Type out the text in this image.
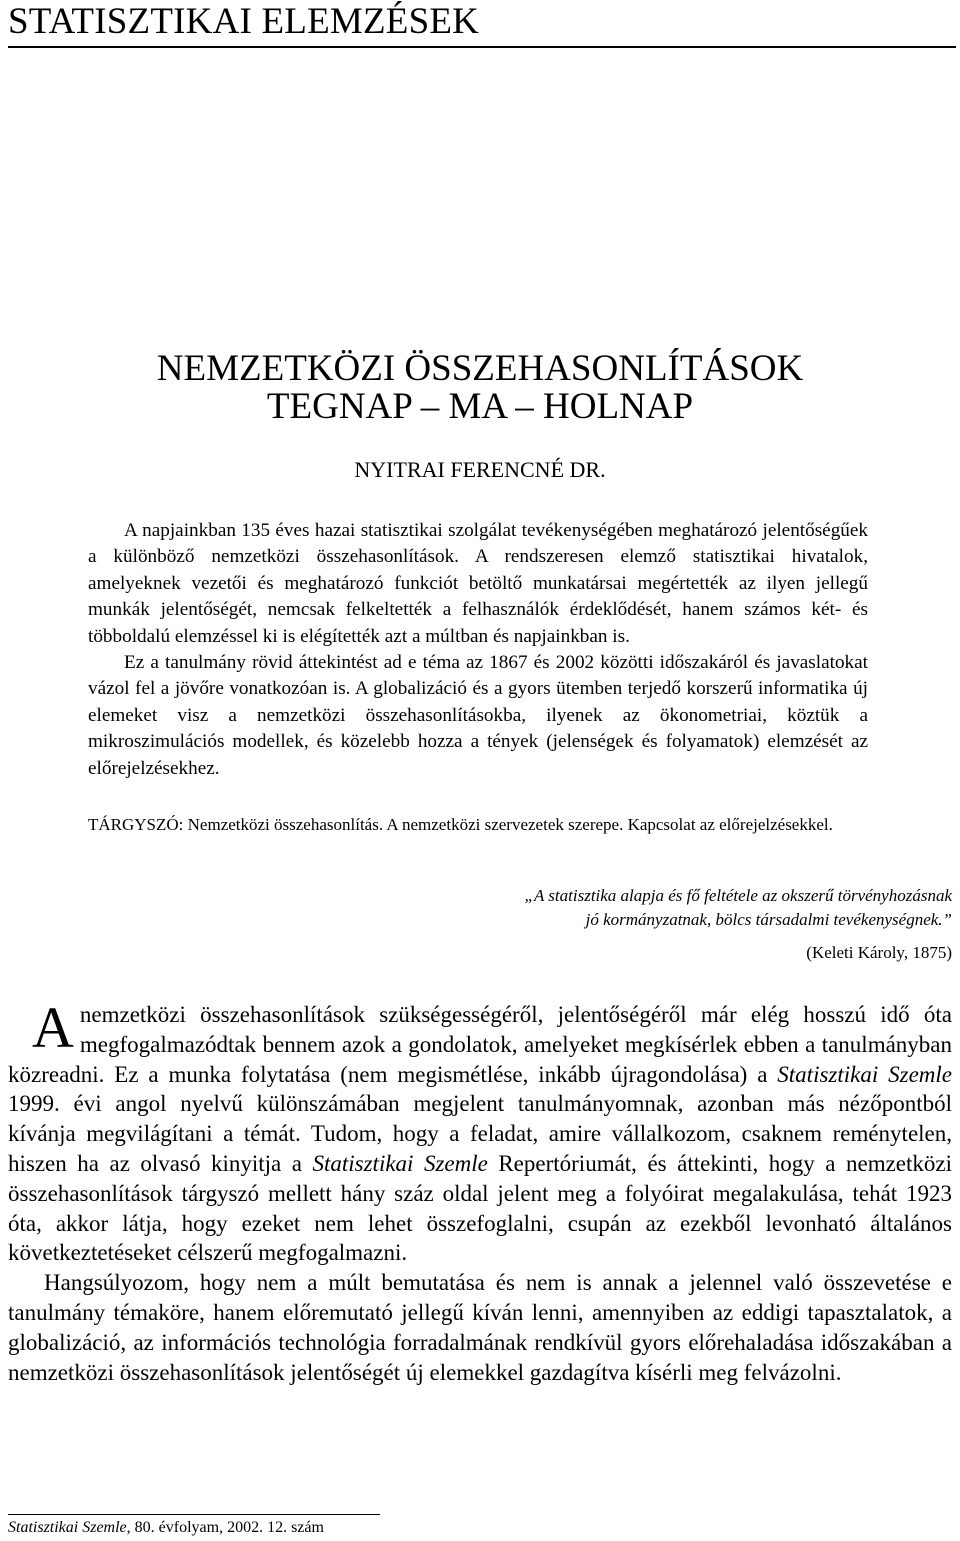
STATISZTIKAI ELEMZÉSEK
NEMZETKÖZI ÖSSZEHASONLÍTÁSOK
TEGNAP – MA – HOLNAP
NYITRAI FERENCNÉ DR.

A napjainkban 135 éves hazai statisztikai szolgálat tevékenységében meghatározó jelentőségűek a különböző nemzetközi összehasonlítások. A rendszeresen elemző statisztikai hivatalok, amelyeknek vezetői és meghatározó funkciót betöltő munkatársai megértették az ilyen jellegű munkák jelentőségét, nemcsak felkeltették a felhasználók érdeklődését, hanem számos két- és többoldalú elemzéssel ki is elégítették azt a múltban és napjainkban is.

Ez a tanulmány rövid áttekintést ad e téma az 1867 és 2002 közötti időszakáról és javaslatokat vázol fel a jövőre vonatkozóan is. A globalizáció és a gyors ütemben terjedő korszerű informatika új elemeket visz a nemzetközi összehasonlításokba, ilyenek az ökonometriai, köztük a mikroszimulációs modellek, és közelebb hozza a tények (jelenségek és folyamatok) elemzését az előrejelzésekhez.

TÁRGYSZÓ: Nemzetközi összehasonlítás. A nemzetközi szervezetek szerepe. Kapcsolat az előrejelzésekkel.
„A statisztika alapja és fő feltétele az okszerű törvényhozásnak
jó kormányzatnak, bölcs társadalmi tevékenységnek.”
(Keleti Károly, 1875)

A nemzetközi összehasonlítások szükségességéről, jelentőségéről már elég hosszú idő óta megfogalmazódtak bennem azok a gondolatok, amelyeket megkísérlek ebben a tanulmányban közreadni. Ez a munka folytatása (nem megismétlése, inkább újragondolása) a Statisztikai Szemle 1999. évi angol nyelvű különszámában megjelent tanulmányomnak, azonban más nézőpontból kívánja megvilágítani a témát. Tudom, hogy a feladat, amire vállalkozom, csaknem reménytelen, hiszen ha az olvasó kinyitja a Statisztikai Szemle Repertóriumát, és áttekinti, hogy a nemzetközi összehasonlítások tárgyszó mellett hány száz oldal jelent meg a folyóirat megalakulása, tehát 1923 óta, akkor látja, hogy ezeket nem lehet összefoglalni, csupán az ezekből levonható általános következtetéseket célszerű megfogalmazni.

Hangsúlyozom, hogy nem a múlt bemutatása és nem is annak a jelennel való összevetése e tanulmány témaköre, hanem előremutató jellegű kíván lenni, amennyiben az eddigi tapasztalatok, a globalizáció, az információs technológia forradalmának rendkívül gyors előrehaladása időszakában a nemzetközi összehasonlítások jelentőségét új elemekkel gazdagítva kísérli meg felvázolni.

Statisztikai Szemle, 80. évfolyam, 2002. 12. szám
